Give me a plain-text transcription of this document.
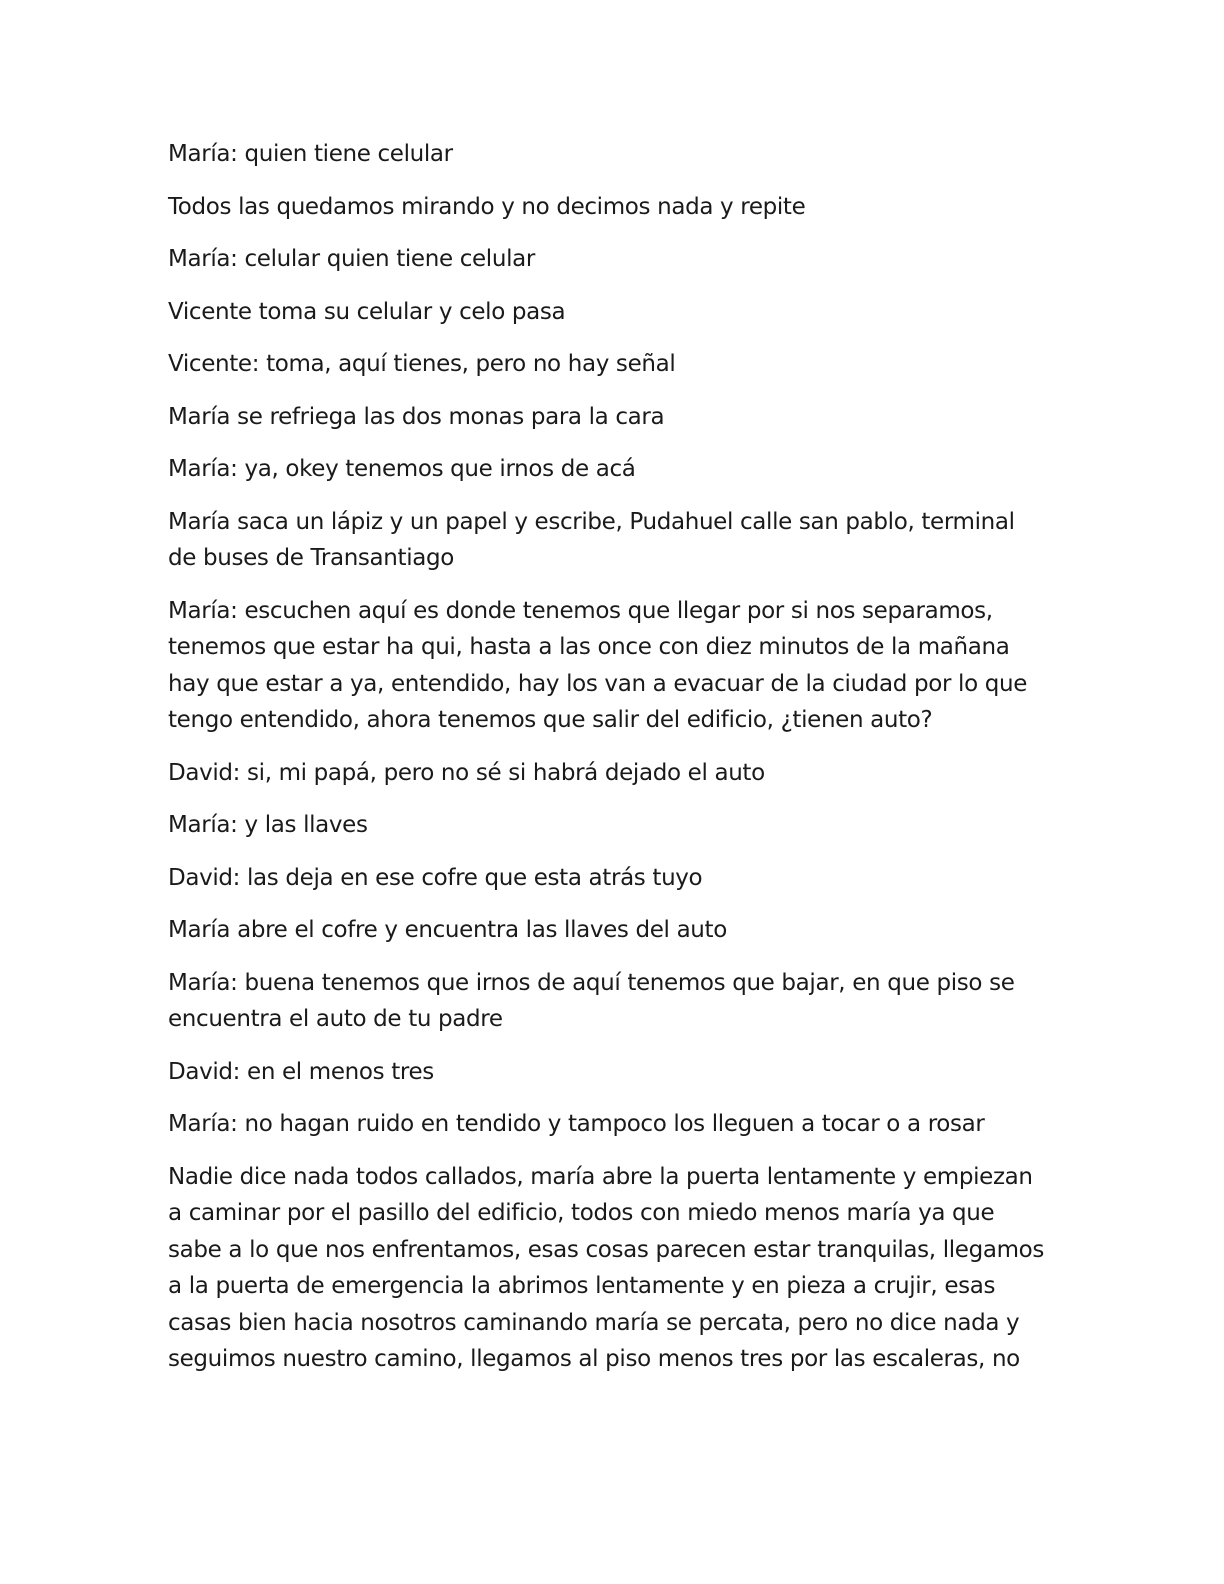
María: quien tiene celular

Todos las quedamos mirando y no decimos nada y repite

María: celular quien tiene celular

Vicente toma su celular y celo pasa

Vicente: toma, aquí tienes, pero no hay señal

María se refriega las dos monas para la cara

María: ya, okey tenemos que irnos de acá

María saca un lápiz y un papel y escribe, Pudahuel calle san pablo, terminal de buses de Transantiago

María: escuchen aquí es donde tenemos que llegar por si nos separamos, tenemos que estar ha qui, hasta a las once con diez minutos de la mañana hay que estar a ya, entendido, hay los van a evacuar de la ciudad por lo que tengo entendido, ahora tenemos que salir del edificio, ¿tienen auto?

David: si, mi papá, pero no sé si habrá dejado el auto

María: y las llaves

David: las deja en ese cofre que esta atrás tuyo

María abre el cofre y encuentra las llaves del auto

María: buena tenemos que irnos de aquí tenemos que bajar, en que piso se encuentra el auto de tu padre

David: en el menos tres

María: no hagan ruido en tendido y tampoco los lleguen a tocar o a rosar

Nadie dice nada todos callados, maría abre la puerta lentamente y empiezan a caminar por el pasillo del edificio, todos con miedo menos maría ya que sabe a lo que nos enfrentamos, esas cosas parecen estar tranquilas, llegamos a la puerta de emergencia la abrimos lentamente y en pieza a crujir, esas casas bien hacia nosotros caminando maría se percata, pero no dice nada y seguimos nuestro camino, llegamos al piso menos tres por las escaleras, no
